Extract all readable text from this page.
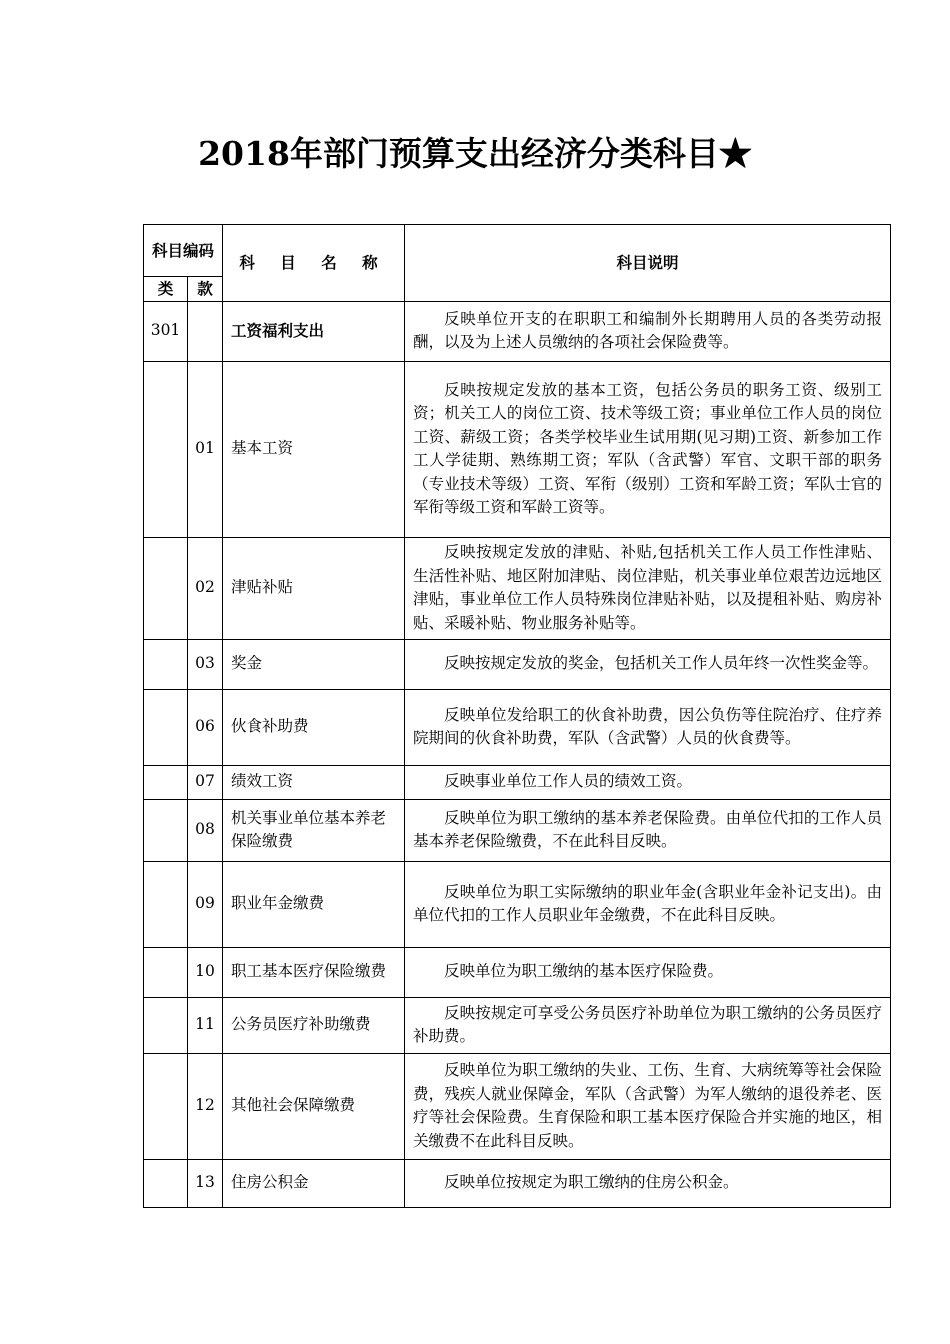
2018年部门预算支出经济分类科目★
科目编码		科 目 名 称	科目说明
类	款		
301		工资福利支出	反映单位开支的在职职工和编制外长期聘用人员的各类劳动报酬，以及为上述人员缴纳的各项社会保险费等。
	01	基本工资	反映按规定发放的基本工资，包括公务员的职务工资、级别工资；机关工人的岗位工资、技术等级工资；事业单位工作人员的岗位工资、薪级工资；各类学校毕业生试用期(见习期)工资、新参加工作工人学徒期、熟练期工资；军队（含武警）军官、文职干部的职务（专业技术等级）工资、军衔（级别）工资和军龄工资；军队士官的军衔等级工资和军龄工资等。
	02	津贴补贴	反映按规定发放的津贴、补贴,包括机关工作人员工作性津贴、生活性补贴、地区附加津贴、岗位津贴，机关事业单位艰苦边远地区津贴，事业单位工作人员特殊岗位津贴补贴，以及提租补贴、购房补贴、采暖补贴、物业服务补贴等。
	03	奖金	反映按规定发放的奖金，包括机关工作人员年终一次性奖金等。
	06	伙食补助费	反映单位发给职工的伙食补助费，因公负伤等住院治疗、住疗养院期间的伙食补助费，军队（含武警）人员的伙食费等。
	07	绩效工资	反映事业单位工作人员的绩效工资。
	08	机关事业单位基本养老保险缴费	反映单位为职工缴纳的基本养老保险费。由单位代扣的工作人员基本养老保险缴费，不在此科目反映。
	09	职业年金缴费	反映单位为职工实际缴纳的职业年金(含职业年金补记支出)。由单位代扣的工作人员职业年金缴费，不在此科目反映。
	10	职工基本医疗保险缴费	反映单位为职工缴纳的基本医疗保险费。
	11	公务员医疗补助缴费	反映按规定可享受公务员医疗补助单位为职工缴纳的公务员医疗补助费。
	12	其他社会保障缴费	反映单位为职工缴纳的失业、工伤、生育、大病统筹等社会保险费，残疾人就业保障金，军队（含武警）为军人缴纳的退役养老、医疗等社会保险费。生育保险和职工基本医疗保险合并实施的地区，相关缴费不在此科目反映。
	13	住房公积金	反映单位按规定为职工缴纳的住房公积金。
